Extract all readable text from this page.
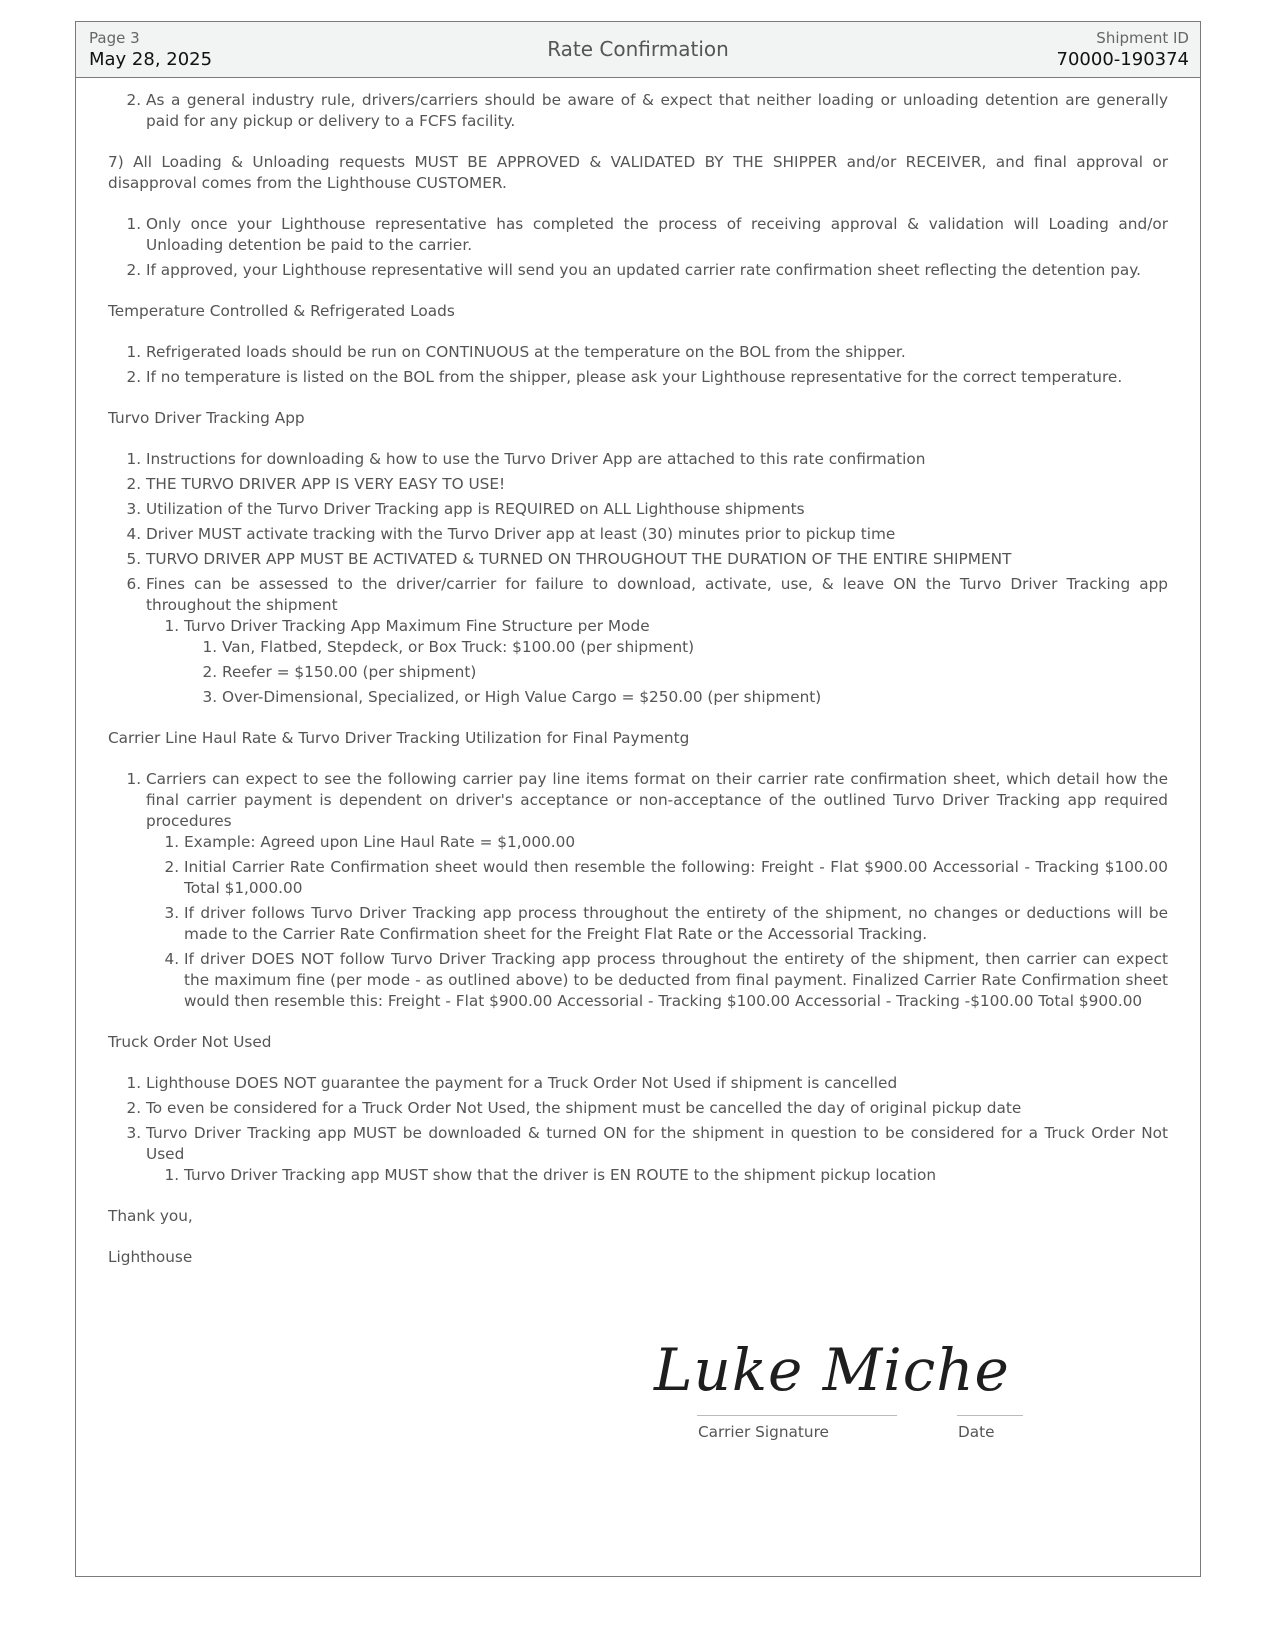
Page 3
May 28, 2025	Rate Confirmation	Shipment ID
70000-190374
2. As a general industry rule, drivers/carriers should be aware of & expect that neither loading or unloading detention are generally paid for any pickup or delivery to a FCFS facility.

7) All Loading & Unloading requests MUST BE APPROVED & VALIDATED BY THE SHIPPER and/or RECEIVER, and final approval or disapproval comes from the Lighthouse CUSTOMER.

1. Only once your Lighthouse representative has completed the process of receiving approval & validation will Loading and/or Unloading detention be paid to the carrier.
2. If approved, your Lighthouse representative will send you an updated carrier rate confirmation sheet reflecting the detention pay.

Temperature Controlled & Refrigerated Loads

1. Refrigerated loads should be run on CONTINUOUS at the temperature on the BOL from the shipper.
2. If no temperature is listed on the BOL from the shipper, please ask your Lighthouse representative for the correct temperature.

Turvo Driver Tracking App

1. Instructions for downloading & how to use the Turvo Driver App are attached to this rate confirmation
2. THE TURVO DRIVER APP IS VERY EASY TO USE!
3. Utilization of the Turvo Driver Tracking app is REQUIRED on ALL Lighthouse shipments
4. Driver MUST activate tracking with the Turvo Driver app at least (30) minutes prior to pickup time
5. TURVO DRIVER APP MUST BE ACTIVATED & TURNED ON THROUGHOUT THE DURATION OF THE ENTIRE SHIPMENT
6. Fines can be assessed to the driver/carrier for failure to download, activate, use, & leave ON the Turvo Driver Tracking app throughout the shipment
1. Turvo Driver Tracking App Maximum Fine Structure per Mode
1. Van, Flatbed, Stepdeck, or Box Truck: $100.00 (per shipment)
2. Reefer = $150.00 (per shipment)
3. Over-Dimensional, Specialized, or High Value Cargo = $250.00 (per shipment)

Carrier Line Haul Rate & Turvo Driver Tracking Utilization for Final Paymentg

1. Carriers can expect to see the following carrier pay line items format on their carrier rate confirmation sheet, which detail how the final carrier payment is dependent on driver's acceptance or non-acceptance of the outlined Turvo Driver Tracking app required procedures
1. Example: Agreed upon Line Haul Rate = $1,000.00
2. Initial Carrier Rate Confirmation sheet would then resemble the following: Freight - Flat $900.00 Accessorial - Tracking $100.00 Total $1,000.00
3. If driver follows Turvo Driver Tracking app process throughout the entirety of the shipment, no changes or deductions will be made to the Carrier Rate Confirmation sheet for the Freight Flat Rate or the Accessorial Tracking.
4. If driver DOES NOT follow Turvo Driver Tracking app process throughout the entirety of the shipment, then carrier can expect the maximum fine (per mode - as outlined above) to be deducted from final payment. Finalized Carrier Rate Confirmation sheet would then resemble this: Freight - Flat $900.00 Accessorial - Tracking $100.00 Accessorial - Tracking -$100.00 Total $900.00

Truck Order Not Used

1. Lighthouse DOES NOT guarantee the payment for a Truck Order Not Used if shipment is cancelled
2. To even be considered for a Truck Order Not Used, the shipment must be cancelled the day of original pickup date
3. Turvo Driver Tracking app MUST be downloaded & turned ON for the shipment in question to be considered for a Truck Order Not Used
1. Turvo Driver Tracking app MUST show that the driver is EN ROUTE to the shipment pickup location

Thank you,

Lighthouse

Luke Miche
Carrier Signature	Date
